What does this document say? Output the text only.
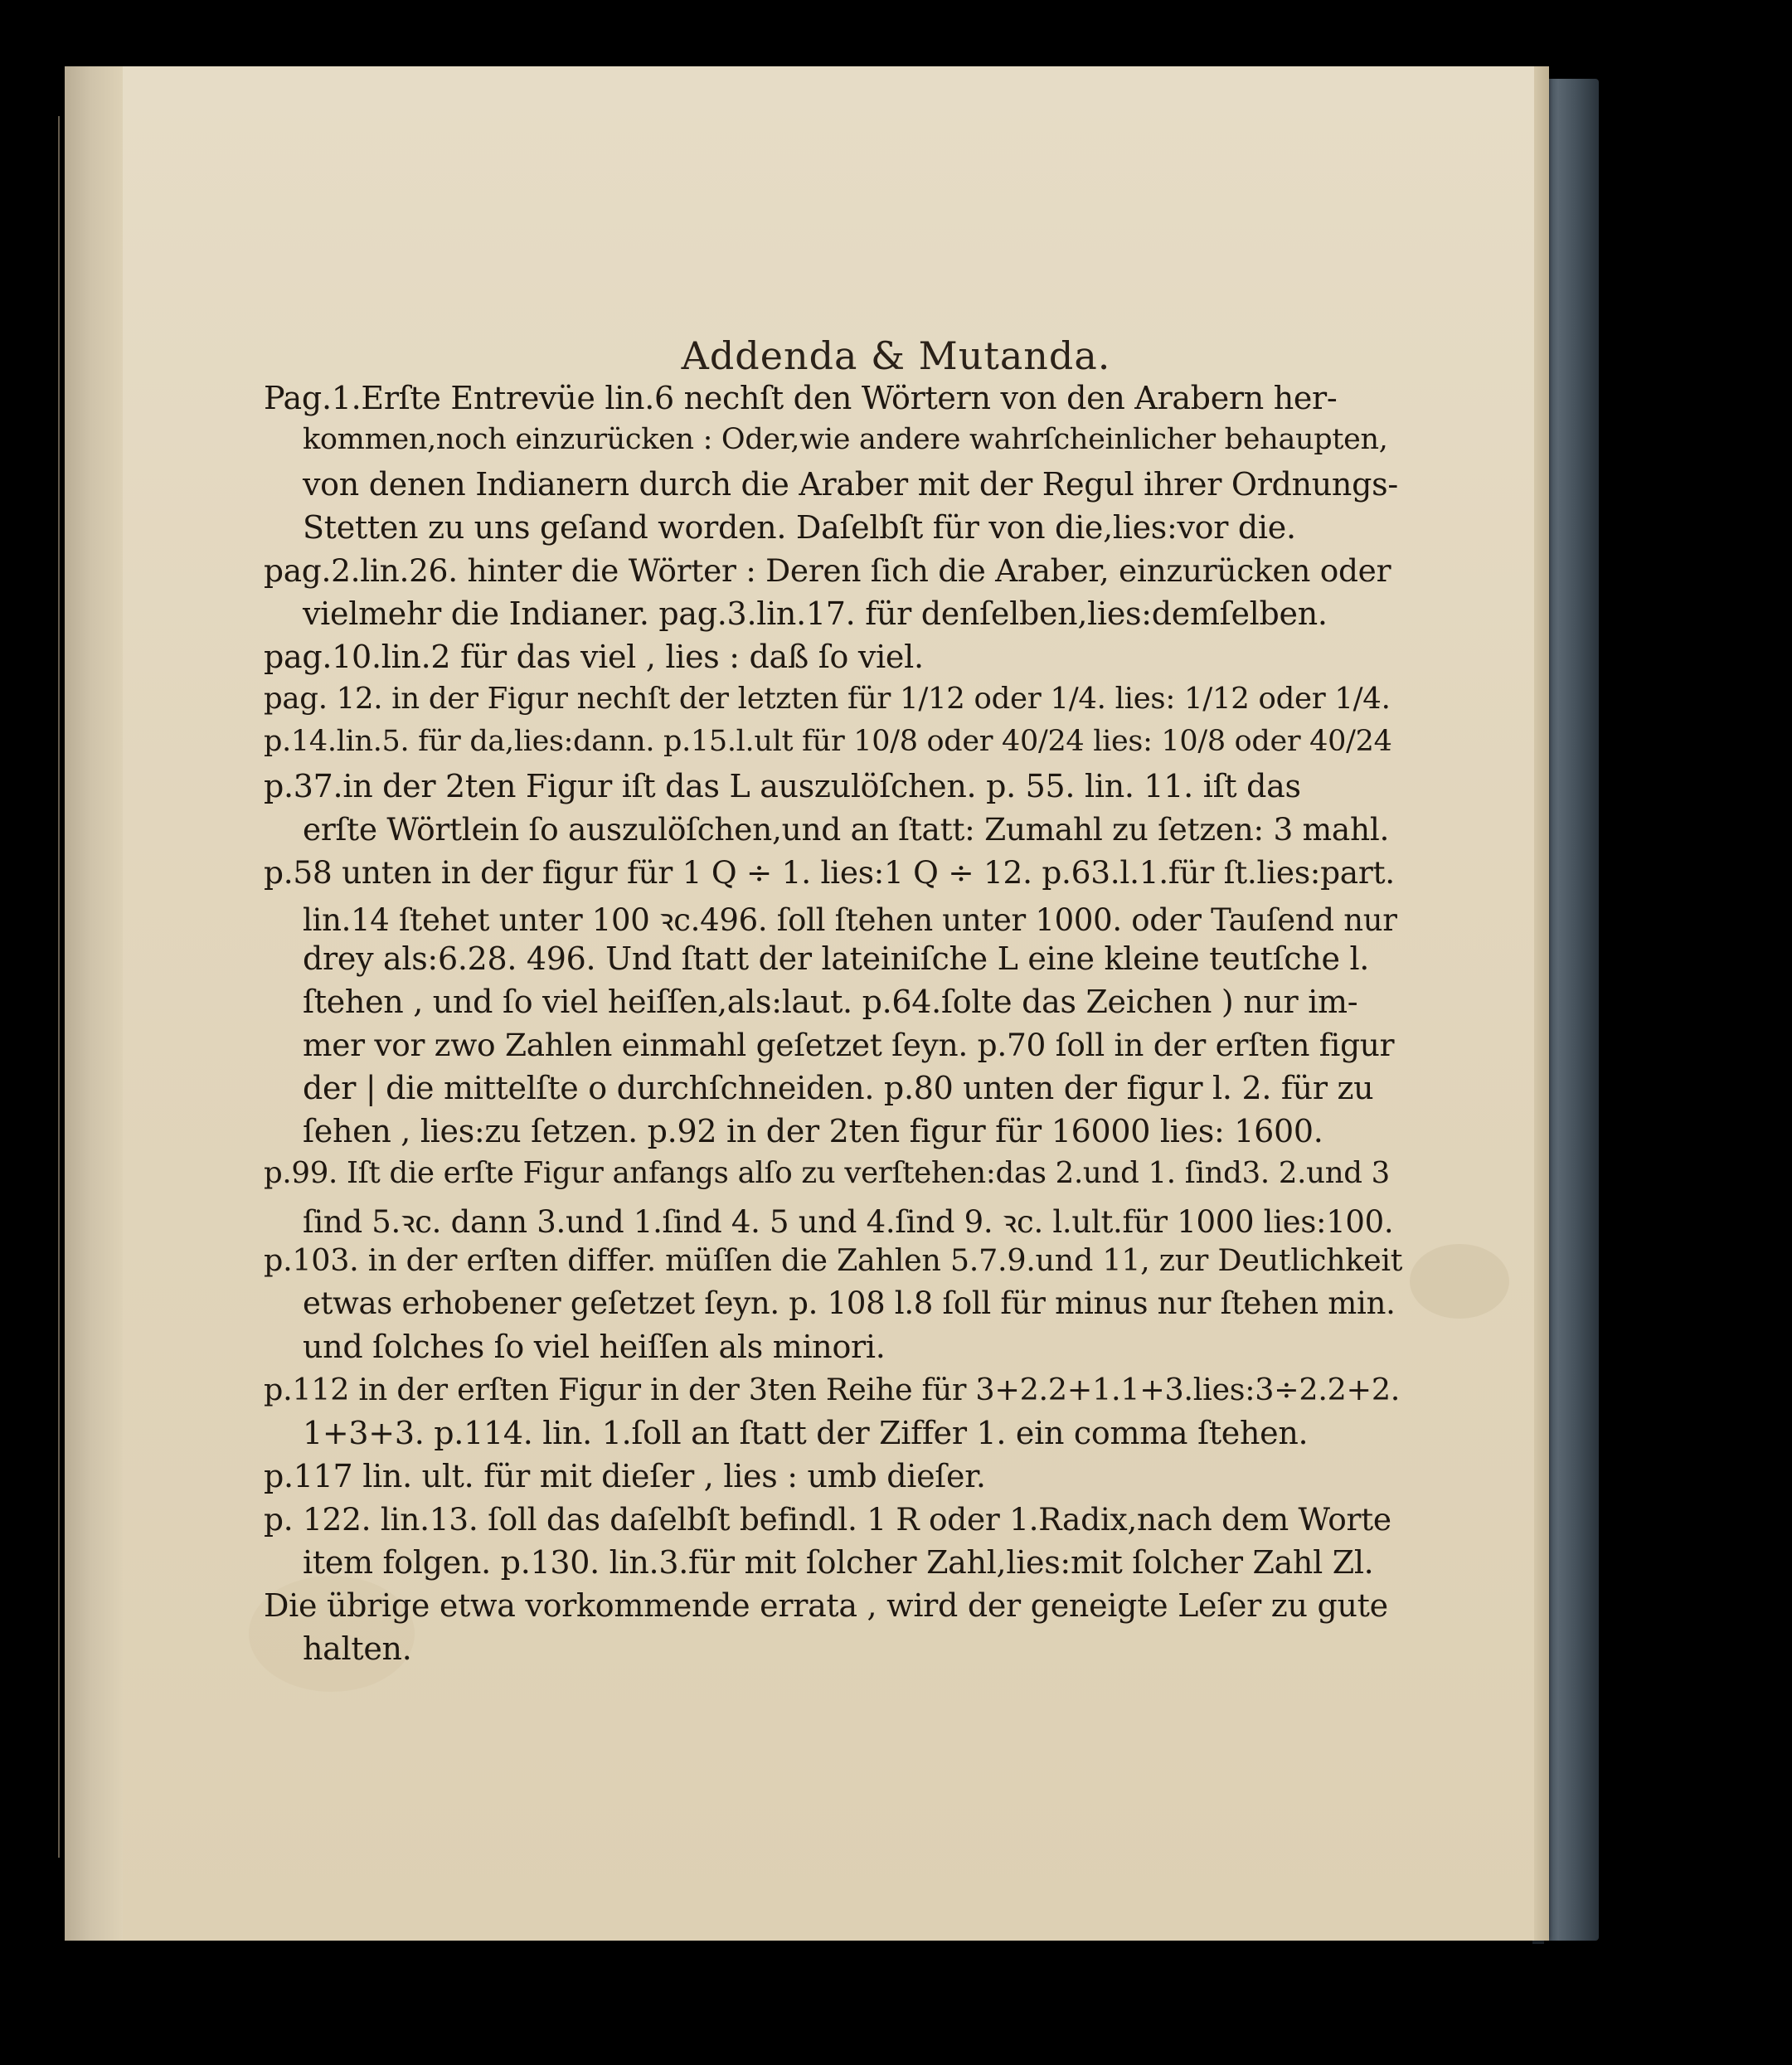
Addenda & Mutanda.
Pag.1.Erſte Entrevüe lin.6 nechſt den Wörtern von den Arabern her-
kommen,noch einzurücken : Oder,wie andere wahrſcheinlicher behaupten,
von denen Indianern durch die Araber mit der Regul ihrer Ordnungs-
Stetten zu uns geſand worden. Daſelbſt für von die,lies:vor die.
pag.2.lin.26. hinter die Wörter : Deren ſich die Araber, einzurücken oder
vielmehr die Indianer. pag.3.lin.17. für denſelben,lies:demſelben.
pag.10.lin.2 für das viel , lies : daß ſo viel.
pag. 12. in der Figur nechſt der letzten für 1/12 oder 1/4. lies: 1/12 oder 1/4.
p.14.lin.5. für da,lies:dann. p.15.l.ult für 10/8 oder 40/24 lies: 10/8 oder 40/24
p.37.in der 2ten Figur iſt das L auszulöſchen. p. 55. lin. 11. iſt das
erſte Wörtlein ſo auszulöſchen,und an ſtatt: Zumahl zu ſetzen: 3 mahl.
p.58 unten in der figur für 1 Q ÷ 1. lies:1 Q ÷ 12. p.63.l.1.für ſt.lies:part.
lin.14 ſtehet unter 100 ꝛc.496. ſoll ſtehen unter 1000. oder Tauſend nur
drey als:6.28. 496. Und ſtatt der lateiniſche L eine kleine teutſche l.
ſtehen , und ſo viel heiſſen,als:laut. p.64.ſolte das Zeichen ) nur im-
mer vor zwo Zahlen einmahl geſetzet ſeyn. p.70 ſoll in der erſten figur
der | die mittelſte o durchſchneiden. p.80 unten der figur l. 2. für zu
ſehen , lies:zu ſetzen. p.92 in der 2ten figur für 16000 lies: 1600.
p.99. Iſt die erſte Figur anfangs alſo zu verſtehen:das 2.und 1. ſind3. 2.und 3
ſind 5.ꝛc. dann 3.und 1.ſind 4. 5 und 4.ſind 9. ꝛc. l.ult.für 1000 lies:100.
p.103. in der erſten differ. müſſen die Zahlen 5.7.9.und 11, zur Deutlichkeit
etwas erhobener geſetzet ſeyn. p. 108 l.8 ſoll für minus nur ſtehen min.
und ſolches ſo viel heiſſen als minori.
p.112 in der erſten Figur in der 3ten Reihe für 3+2.2+1.1+3.lies:3÷2.2+2.
1+3+3. p.114. lin. 1.ſoll an ſtatt der Ziffer 1. ein comma ſtehen.
p.117 lin. ult. für mit dieſer , lies : umb dieſer.
p. 122. lin.13. ſoll das daſelbſt befindl. 1 R oder 1.Radix,nach dem Worte
item folgen. p.130. lin.3.für mit ſolcher Zahl,lies:mit ſolcher Zahl Zl.
Die übrige etwa vorkommende errata , wird der geneigte Leſer zu gute
halten.
